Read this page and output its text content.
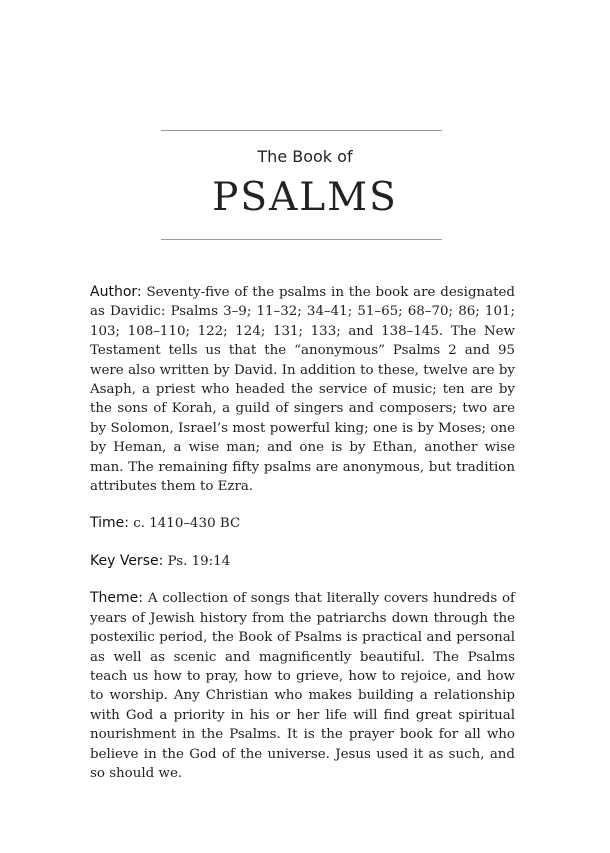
The Book of
PSALMS

Author: Seventy-five of the psalms in the book are designated as Davidic: Psalms 3–9; 11–32; 34–41; 51–65; 68–70; 86; 101; 103; 108–110; 122; 124; 131; 133; and 138–145. The New Testament tells us that the “anonymous” Psalms 2 and 95 were also written by David. In addition to these, twelve are by Asaph, a priest who headed the service of music; ten are by the sons of Korah, a guild of singers and composers; two are by Solomon, Israel’s most powerful king; one is by Moses; one by Heman, a wise man; and one is by Ethan, another wise man. The remaining fifty psalms are anonymous, but tradition attributes them to Ezra.

Time: c. 1410–430 BC

Key Verse: Ps. 19:14

Theme: A collection of songs that literally covers hundreds of years of Jewish history from the patriarchs down through the postexilic period, the Book of Psalms is practical and personal as well as scenic and magnificently beautiful. The Psalms teach us how to pray, how to grieve, how to rejoice, and how to worship. Any Christian who makes building a relationship with God a priority in his or her life will find great spiritual nourishment in the Psalms. It is the prayer book for all who believe in the God of the universe. Jesus used it as such, and so should we.
